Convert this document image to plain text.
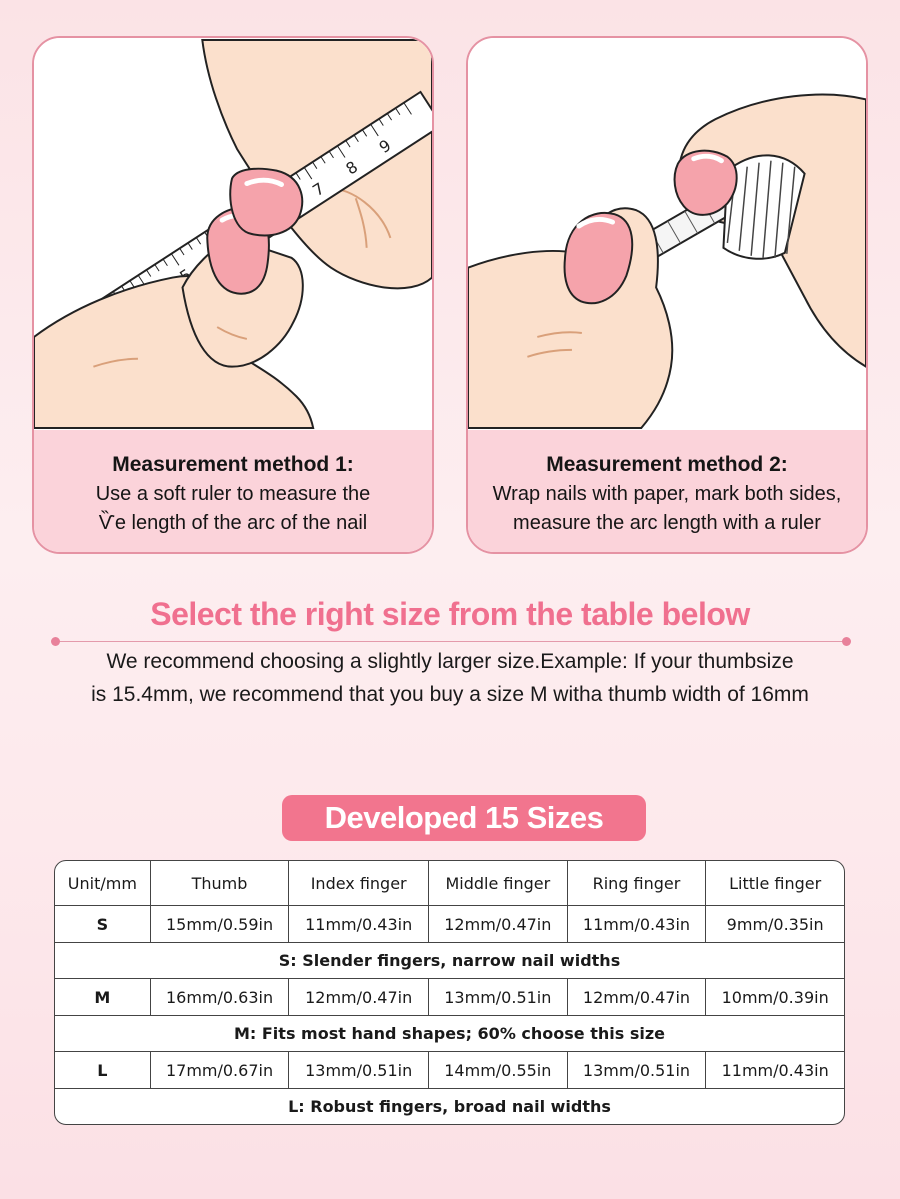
7
8
9
Measurement method 1:
Use a soft ruler to measure the
Ѷe length of the arc of the nail
Measurement method 2:
Wrap nails with paper, mark both sides,
measure the arc length with a ruler
Select the right size from the table below
We recommend choosing a slightly larger size.Example: If your thumbsize
is 15.4mm, we recommend that you buy a size M witha thumb width of 16mm
Developed 15 Sizes
Unit/mm	Thumb	Index finger	Middle finger	Ring finger	Little finger
S	15mm/0.59in	11mm/0.43in	12mm/0.47in	11mm/0.43in	9mm/0.35in
S: Slender fingers, narrow nail widths					
M	16mm/0.63in	12mm/0.47in	13mm/0.51in	12mm/0.47in	10mm/0.39in
M: Fits most hand shapes; 60% choose this size					
L	17mm/0.67in	13mm/0.51in	14mm/0.55in	13mm/0.51in	11mm/0.43in
L: Robust fingers, broad nail widths					
